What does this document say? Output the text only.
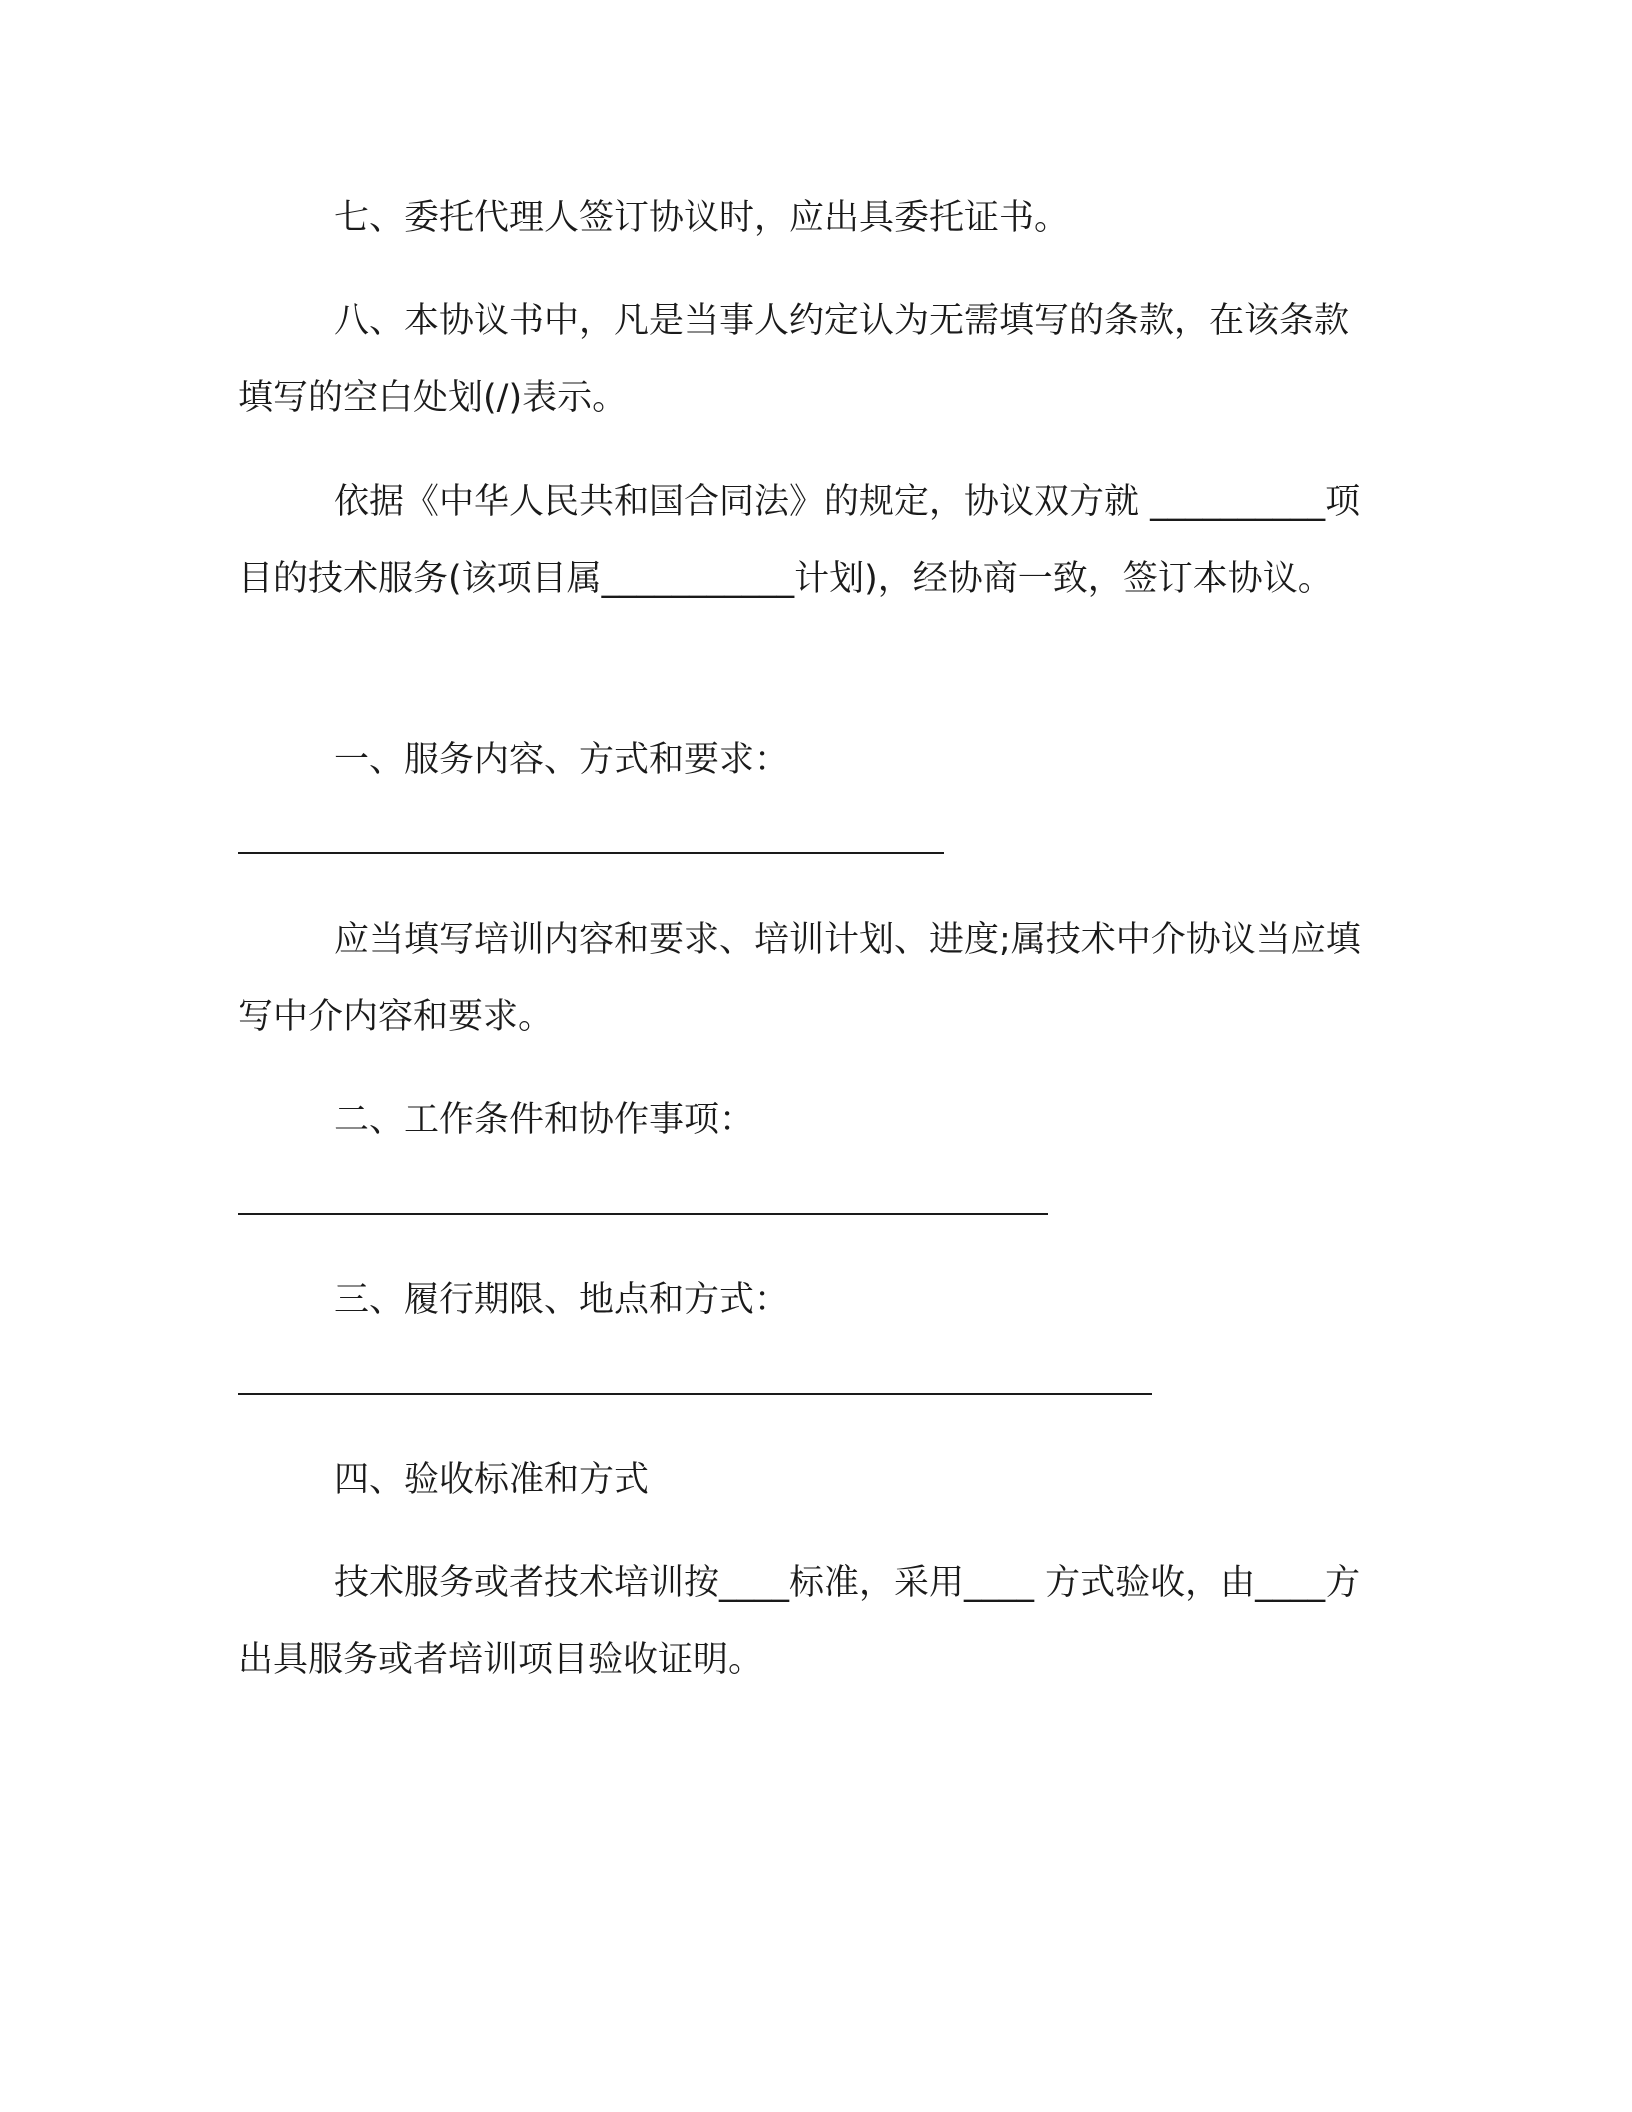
七、委托代理人签订协议时，应出具委托证书。

八、本协议书中，凡是当事人约定认为无需填写的条款，在该条款填写的空白处划(/)表示。

依据《中华人民共和国合同法》的规定，协议双方就 __________项目的技术服务(该项目属___________计划)，经协商一致，签订本协议。

一、服务内容、方式和要求：

应当填写培训内容和要求、培训计划、进度;属技术中介协议当应填写中介内容和要求。

二、工作条件和协作事项：

三、履行期限、地点和方式：

四、验收标准和方式

技术服务或者技术培训按____标准，采用____ 方式验收，由____方出具服务或者培训项目验收证明。
